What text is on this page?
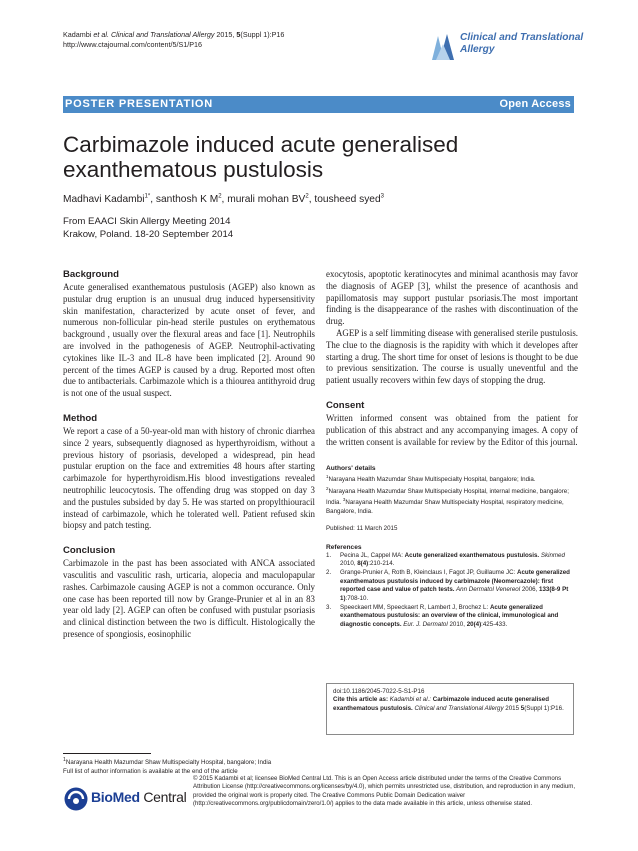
Kadambi et al. Clinical and Translational Allergy 2015, 5(Suppl 1):P16
http://www.ctajournal.com/content/5/S1/P16
Clinical and Translational
Allergy
POSTER PRESENTATION	Open Access
Carbimazole induced acute generalised
exanthematous pustulosis
Madhavi Kadambi$^{1*}$, santhosh K $M^2$, murali mohan $BV^2$, tousheed syed$^3$
From EAACI Skin Allergy Meeting 2014
Krakow, Poland. 18-20 September 2014
Background

Acute generalised exanthematous pustulosis (AGEP) also known as pustular drug eruption is an unusual drug induced hypersensitivity skin manifestation, characterized by acute onset of fever, and numerous non-follicular pin-head sterile pustules on erythematous background , usually over the flexural areas and face [1]. Neutrophils are involved in the pathogenesis of AGEP. Neutrophil-activating cytokines like IL-3 and IL-8 have been implicated [2]. Around 90 percent of the times AGEP is caused by a drug. Reported most often due to antibacterials. Carbimazole which is a thiourea antithyroid drug is not one of the usual suspect.

Method

We report a case of a 50-year-old man with history of chronic diarrhea since 2 years, subsequently diagnosed as hyperthyroidism, without a previous history of psoriasis, developed a widespread, pin head pustular eruption on the face and extremities 48 hours after starting carbimazole for hyperthyroidism.His blood investigations revealed neutrophilic leucocytosis. The offending drug was stopped on day 3 and the pustules subsided by day 5. He was started on propylthiouracil instead of carbimazole, which he tolerated well. Patient refused skin biopsy and patch testing.

Conclusion

Carbimazole in the past has been associated with ANCA associated vasculitis and vasculitic rash, urticaria, alopecia and maculopapular rashes. Carbimazole causing AGEP is not a common occurance. Only one case has been reported till now by Grange-Prunier et al in an 83 year old lady [2]. AGEP can often be confused with pustular psoriasis and clinical distinction between the two is difficult. Histologically the presence of spongiosis, eosinophilic

$^1$Narayana Health Mazumdar Shaw Multispecialty Hospital, bangalore; India
Full list of author information is available at the end of the article

exocytosis, apoptotic keratinocytes and minimal acanthosis may favor the diagnosis of AGEP [3], whilst the presence of acanthosis and papillomatosis may support pustular psoriasis.The most important finding is the disappearance of the rashes with discontinuation of the drug.

AGEP is a self limmiting disease with generalised sterile pustulosis. The clue to the diagnosis is the rapidity with which it developes after starting a drug. The short time for onset of lesions is thought to be due to previous sensitization. The course is usually uneventful and the patient usually recovers within few days of stopping the drug.

Consent

Written informed consent was obtained from the patient for publication of this abstract and any accompanying images. A copy of the written consent is available for review by the Editor of this journal.

Authors' details
$^1$Narayana Health Mazumdar Shaw Multispecialty Hospital, bangalore; India.
$^2$Narayana Health Mazumdar Shaw Multispecialty Hospital, internal medicine, bangalore; India. $^3$Narayana Health Mazumdar Shaw Multispecialty Hospital, respiratory medicine, Bangalore, India.
Published: 11 March 2015
References
1. Pecina JL, Cappel MA: Acute generalized exanthematous pustulosis. Skinmed 2010, 8(4):210-214.
2. Grange-Prunier A, Roth B, Kleinclaus I, Fagot JP, Guillaume JC: Acute generalized exanthematous pustulosis induced by carbimazole (Neomercazole): first reported case and value of patch tests. Ann Dermatol Venereol 2006, 133(8-9 Pt 1):708-10.
3. Speeckaert MM, Speeckaert R, Lambert J, Brochez L: Acute generalized exanthematous pustulosis: an overview of the clinical, immunological and diagnostic concepts. Eur. J. Dermatol 2010, 20(4):425-433.
doi:10.1186/2045-7022-5-S1-P16
Cite this article as: Kadambi et al.: Carbimazole induced acute generalised exanthematous pustulosis. Clinical and Translational Allergy 2015 5(Suppl 1):P16.
BioMed Central
© 2015 Kadambi et al; licensee BioMed Central Ltd. This is an Open Access article distributed under the terms of the Creative Commons Attribution License (http://creativecommons.org/licenses/by/4.0), which permits unrestricted use, distribution, and reproduction in any medium, provided the original work is properly cited. The Creative Commons Public Domain Dedication waiver (http://creativecommons.org/publicdomain/zero/1.0/) applies to the data made available in this article, unless otherwise stated.
